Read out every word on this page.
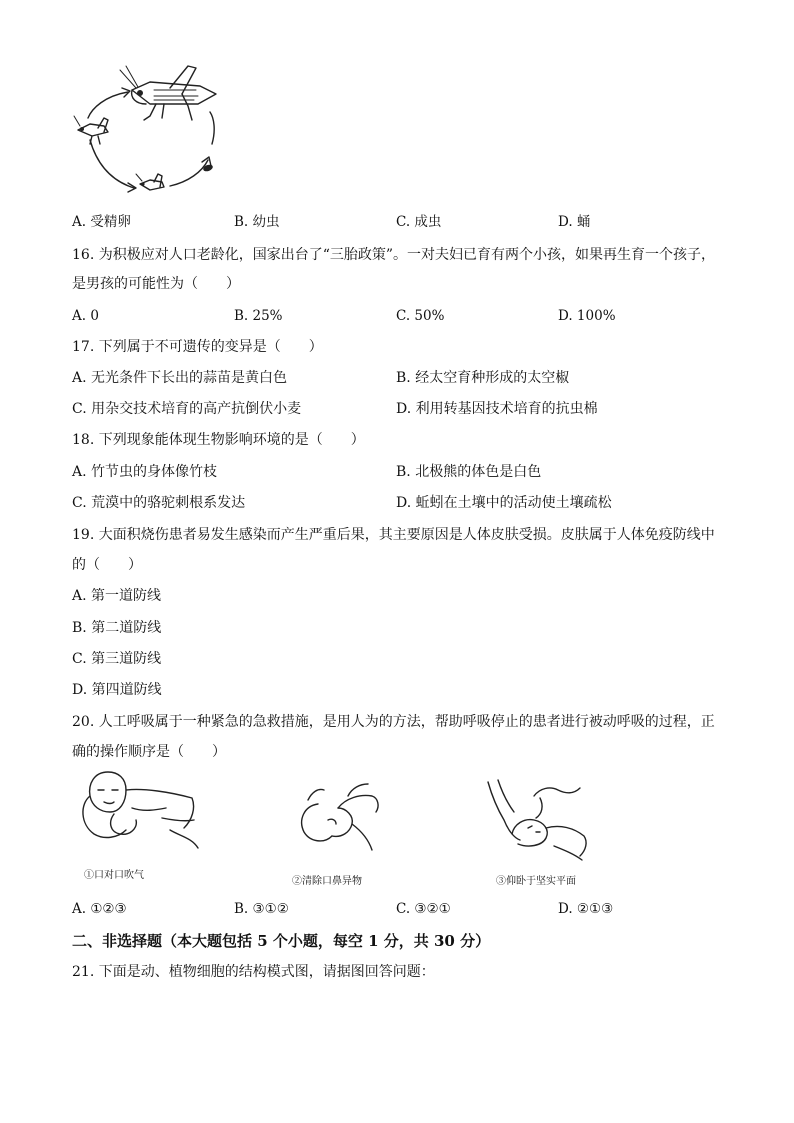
A. 受精卵	B. 幼虫	C. 成虫	D. 蛹
16. 为积极应对人口老龄化，国家出台了“三胎政策”。一对夫妇已育有两个小孩，如果再生育一个孩子，
是男孩的可能性为（　　）
A. 0	B. 25%	C. 50%	D. 100%
17. 下列属于不可遗传的变异是（　　）
A. 无光条件下长出的蒜苗是黄白色	B. 经太空育种形成的太空椒
C. 用杂交技术培育的高产抗倒伏小麦	D. 利用转基因技术培育的抗虫棉
18. 下列现象能体现生物影响环境的是（　　）
A. 竹节虫的身体像竹枝	B. 北极熊的体色是白色
C. 荒漠中的骆驼刺根系发达	D. 蚯蚓在土壤中的活动使土壤疏松
19. 大面积烧伤患者易发生感染而产生严重后果，其主要原因是人体皮肤受损。皮肤属于人体免疫防线中
的（　　）
A. 第一道防线
B. 第二道防线
C. 第三道防线
D. 第四道防线
20. 人工呼吸属于一种紧急的急救措施，是用人为的方法，帮助呼吸停止的患者进行被动呼吸的过程，正
确的操作顺序是（　　）
①口对口吹气
②清除口鼻异物	③仰卧于坚实平面
A. ①②③	B. ③①②	C. ③②①	D. ②①③
二、非选择题（本大题包括 5 个小题，每空 1 分，共 30 分）
21. 下面是动、植物细胞的结构模式图，请据图回答问题：
